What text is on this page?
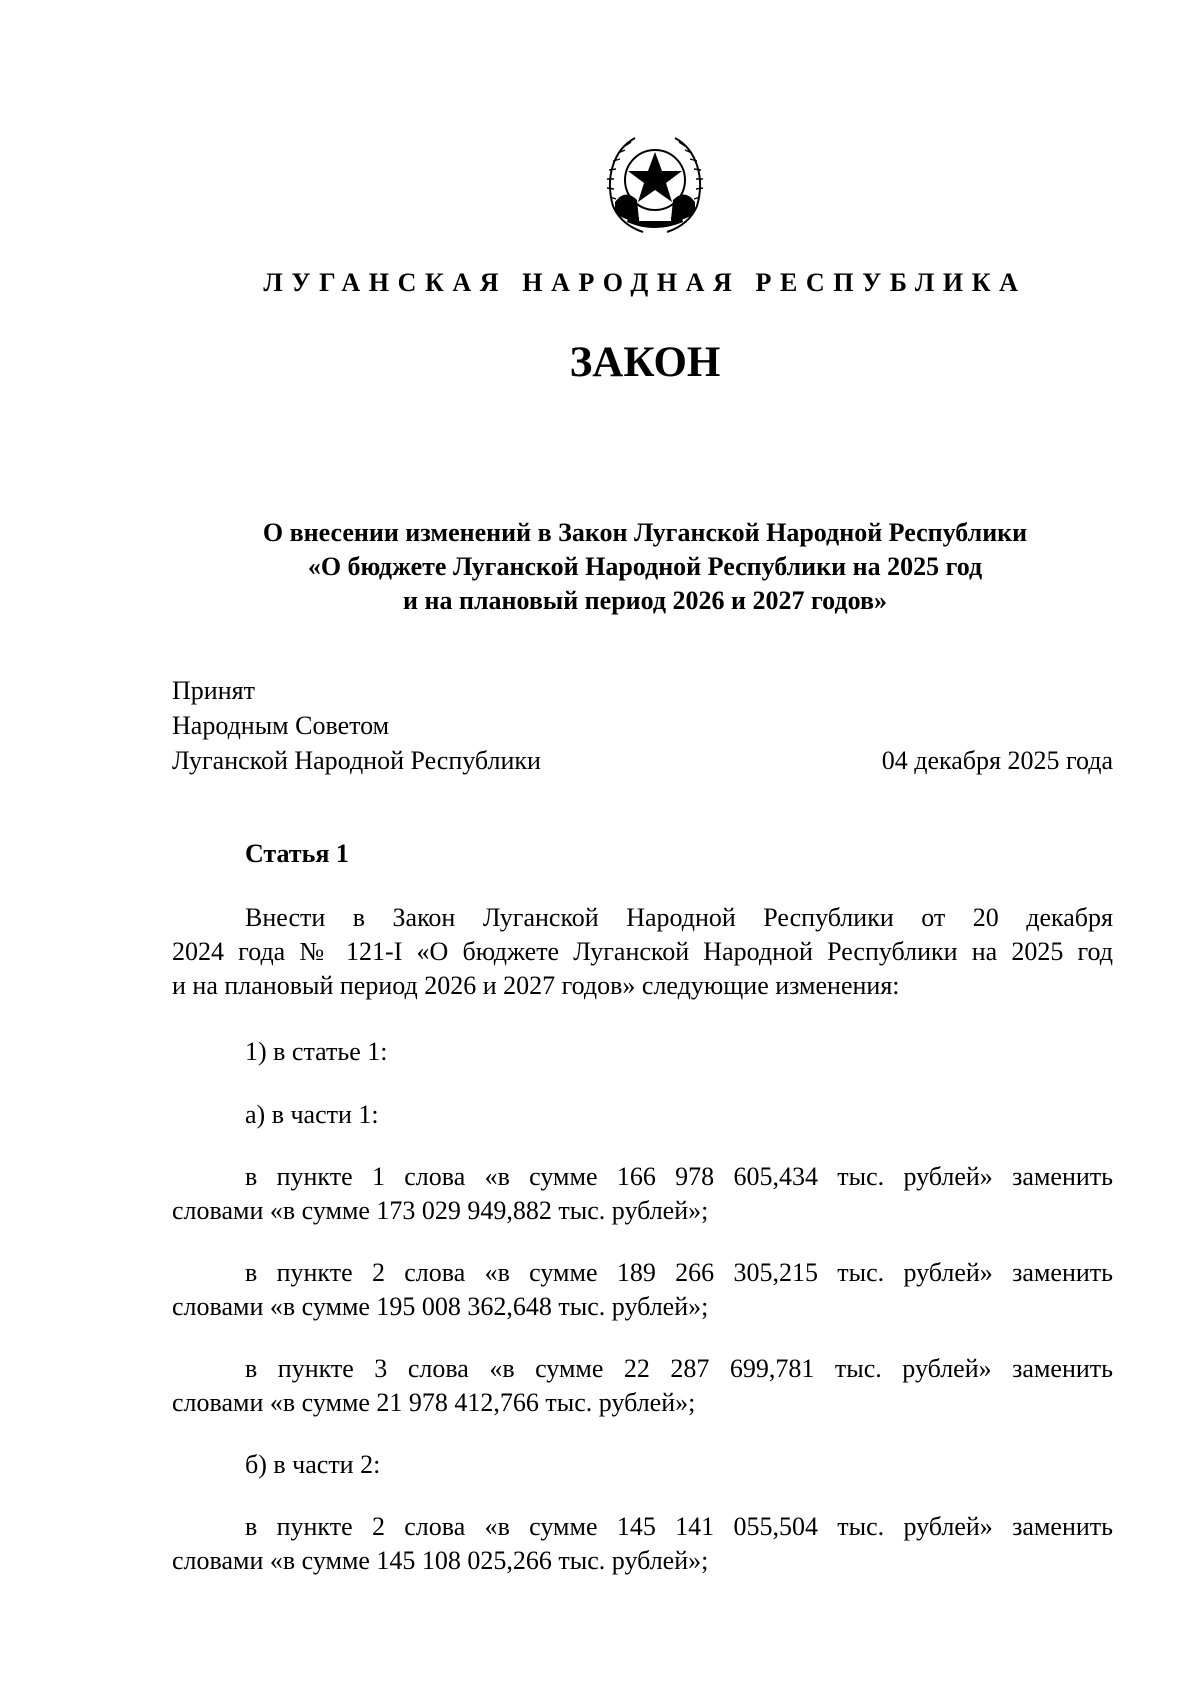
ЛУГАНСКАЯ НАРОДНАЯ РЕСПУБЛИКА
ЗАКОН
О внесении изменений в Закон Луганской Народной Республики
«О бюджете Луганской Народной Республики на 2025 год
и на плановый период 2026 и 2027 годов»
Принят
Народным Советом
Луганской Народной Республики	04 декабря 2025 года
Статья 1
Внести в Закон Луганской Народной Республики от 20 декабря
2024 года № 121-I «О бюджете Луганской Народной Республики на 2025 год
и на плановый период 2026 и 2027 годов» следующие изменения:
1) в статье 1:
а) в части 1:
в пункте 1 слова «в сумме 166 978 605,434 тыс. рублей» заменить
словами «в сумме 173 029 949,882 тыс. рублей»;
в пункте 2 слова «в сумме 189 266 305,215 тыс. рублей» заменить
словами «в сумме 195 008 362,648 тыс. рублей»;
в пункте 3 слова «в сумме 22 287 699,781 тыс. рублей» заменить
словами «в сумме 21 978 412,766 тыс. рублей»;
б) в части 2:
в пункте 2 слова «в сумме 145 141 055,504 тыс. рублей» заменить
словами «в сумме 145 108 025,266 тыс. рублей»;
